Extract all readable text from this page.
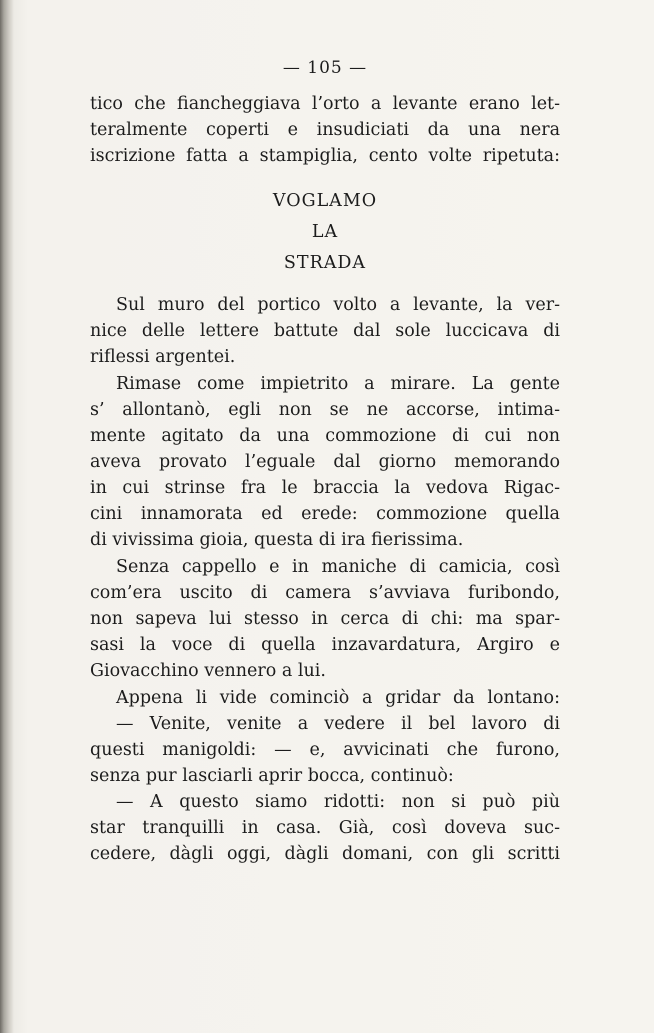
— 105 —
tico che fiancheggiava l’orto a levante erano let-
teralmente coperti e insudiciati da una nera
iscrizione fatta a stampiglia, cento volte ripetuta:
VOGLAMO
LA
STRADA
Sul muro del portico volto a levante, la ver-
nice delle lettere battute dal sole luccicava di
riflessi argentei.
Rimase come impietrito a mirare. La gente
s’ allontanò, egli non se ne accorse, intima-
mente agitato da una commozione di cui non
aveva provato l’eguale dal giorno memorando
in cui strinse fra le braccia la vedova Rigac-
cini innamorata ed erede: commozione quella
di vivissima gioia, questa di ira fierissima.
Senza cappello e in maniche di camicia, così
com’era uscito di camera s’avviava furibondo,
non sapeva lui stesso in cerca di chi: ma spar-
sasi la voce di quella inzavardatura, Argiro e
Giovacchino vennero a lui.
Appena li vide cominciò a gridar da lontano:
— Venite, venite a vedere il bel lavoro di
questi manigoldi: — e, avvicinati che furono,
senza pur lasciarli aprir bocca, continuò:
— A questo siamo ridotti: non si può più
star tranquilli in casa. Già, così doveva suc-
cedere, dàgli oggi, dàgli domani, con gli scritti
